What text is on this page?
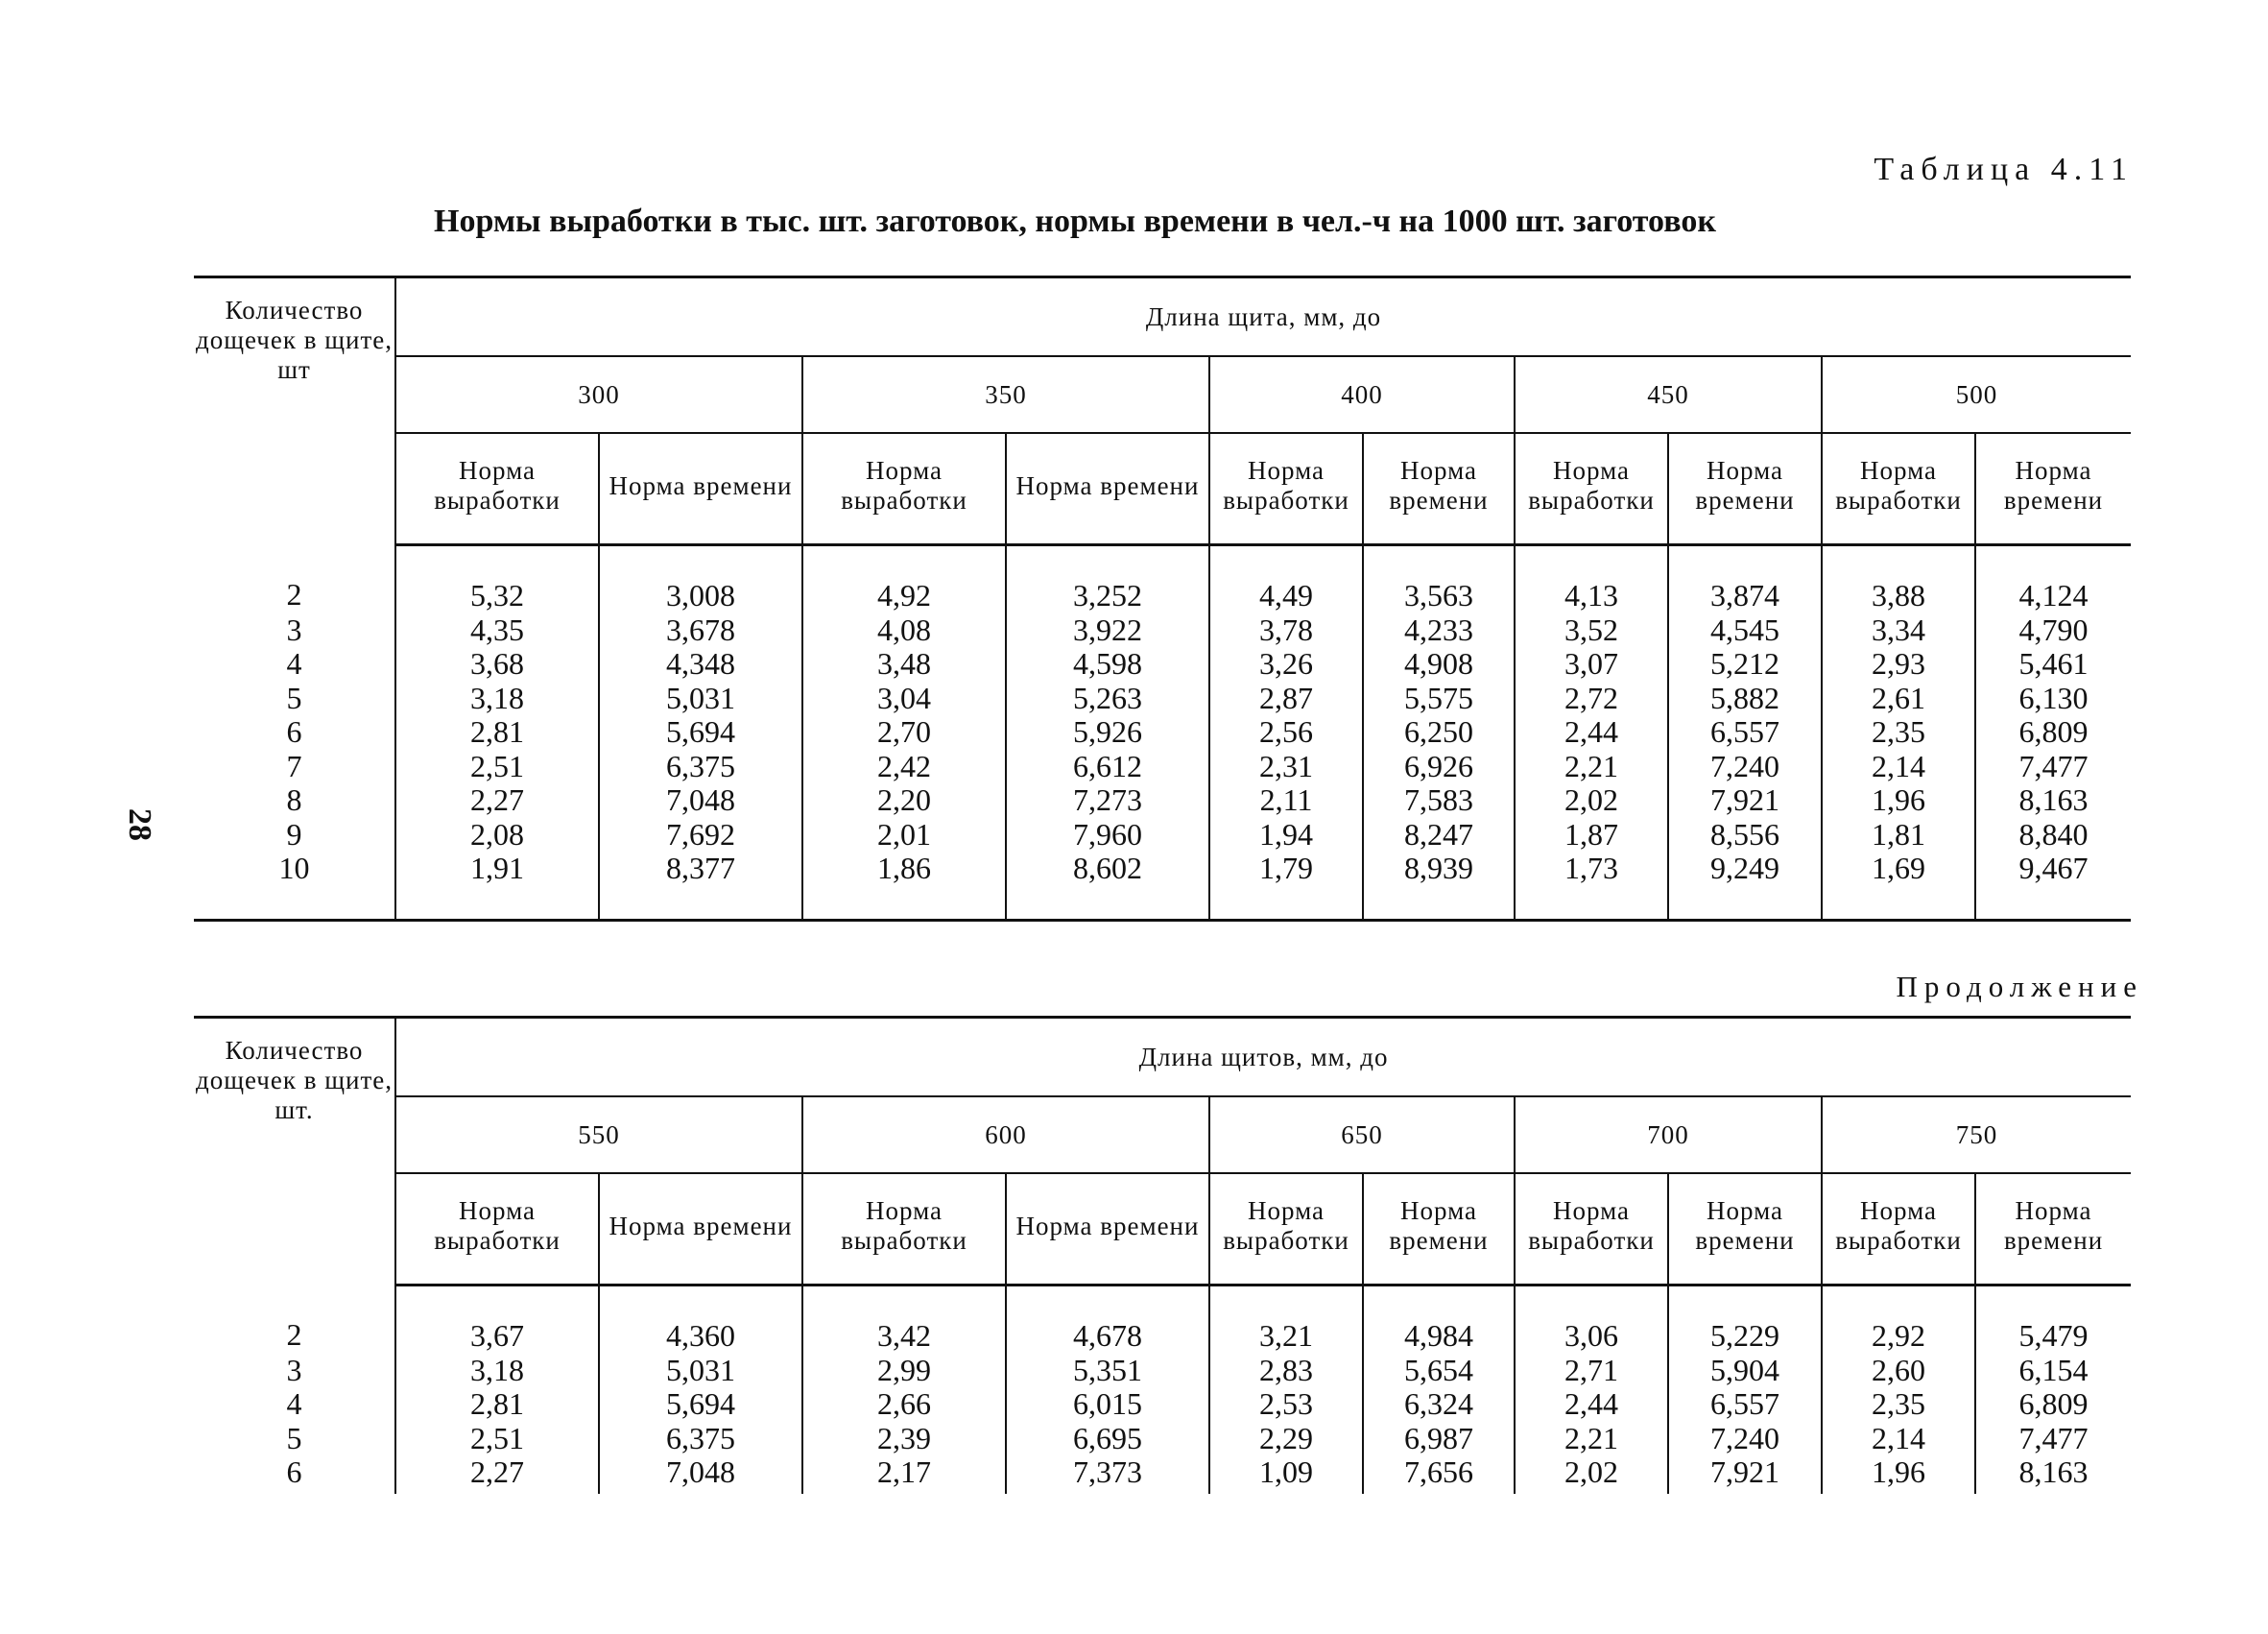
Таблица 4.11
Нормы выработки в тыс. шт. заготовок, нормы времени в чел.-ч на 1000 шт. заготовок
28
Количество дощечек в щите, шт	Длина щита, мм, до									
	300		350		400		450		500	
	Норма выработки	Норма времени	Норма выработки	Норма времени	Норма выработки	Норма времени	Норма выработки	Норма времени	Норма выработки	Норма времени
2	5,32	3,008	4,92	3,252	4,49	3,563	4,13	3,874	3,88	4,124
3	4,35	3,678	4,08	3,922	3,78	4,233	3,52	4,545	3,34	4,790
4	3,68	4,348	3,48	4,598	3,26	4,908	3,07	5,212	2,93	5,461
5	3,18	5,031	3,04	5,263	2,87	5,575	2,72	5,882	2,61	6,130
6	2,81	5,694	2,70	5,926	2,56	6,250	2,44	6,557	2,35	6,809
7	2,51	6,375	2,42	6,612	2,31	6,926	2,21	7,240	2,14	7,477
8	2,27	7,048	2,20	7,273	2,11	7,583	2,02	7,921	1,96	8,163
9	2,08	7,692	2,01	7,960	1,94	8,247	1,87	8,556	1,81	8,840
10	1,91	8,377	1,86	8,602	1,79	8,939	1,73	9,249	1,69	9,467
Продолжение
Количество дощечек в щите, шт.	Длина щитов, мм, до									
	550		600		650		700		750	
	Норма выработки	Норма времени	Норма выработки	Норма времени	Норма выработки	Норма времени	Норма выработки	Норма времени	Норма выработки	Норма времени
2	3,67	4,360	3,42	4,678	3,21	4,984	3,06	5,229	2,92	5,479
3	3,18	5,031	2,99	5,351	2,83	5,654	2,71	5,904	2,60	6,154
4	2,81	5,694	2,66	6,015	2,53	6,324	2,44	6,557	2,35	6,809
5	2,51	6,375	2,39	6,695	2,29	6,987	2,21	7,240	2,14	7,477
6	2,27	7,048	2,17	7,373	1,09	7,656	2,02	7,921	1,96	8,163
